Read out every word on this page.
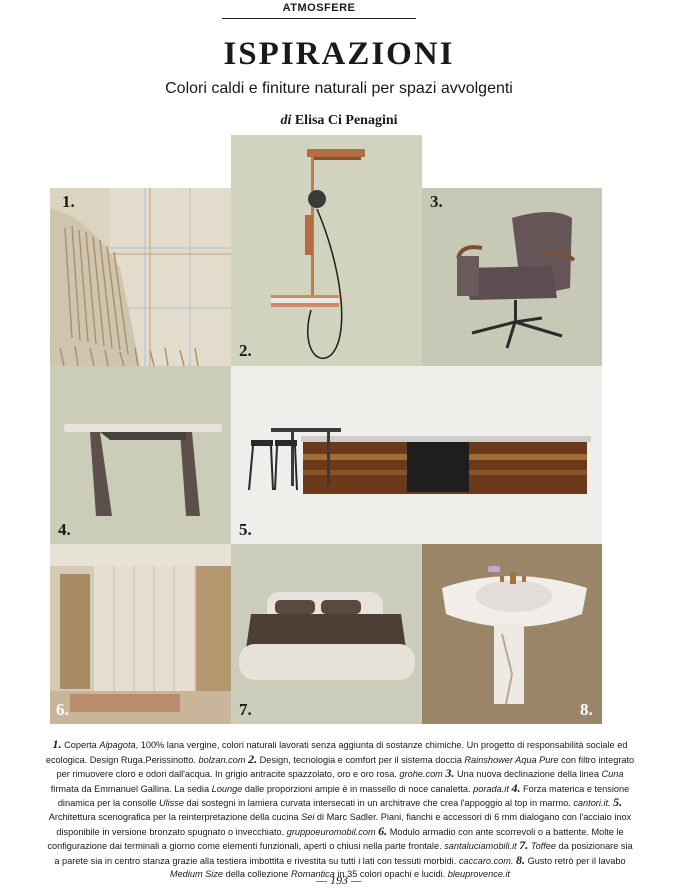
ATMOSFERE
ISPIRAZIONI
Colori caldi e finiture naturali per spazi avvolgenti
di Elisa Ci Penagini
1.
2.
3.
4.	5.
6.	7.	8.
1. Coperta Alpagota, 100% lana vergine, colori naturali lavorati senza aggiunta di sostanze chimiche. Un progetto di responsabilità sociale ed ecologica. Design Ruga.Perissinotto. bolzan.com 2. Design, tecnologia e comfort per il sistema doccia Rainshower Aqua Pure con filtro integrato per rimuovere cloro e odori dall'acqua. In grigio antracite spazzolato, oro e oro rosa. grohe.com 3. Una nuova declinazione della linea Cuna firmata da Emmanuel Gallina. La sedia Lounge dalle proporzioni ampie è in massello di noce canaletta. porada.it 4. Forza materica e tensione dinamica per la consolle Ulisse dai sostegni in lamiera curvata intersecati in un architrave che crea l'appoggio al top in marmo. cantori.it. 5. Architettura scenografica per la reinterpretazione della cucina Sei di Marc Sadler. Piani, fianchi e accessori di 6 mm dialogano con l'acciaio inox disponibile in versione bronzato spugnato o invecchiato. gruppoeuromobil.com 6. Modulo armadio con ante scorrevoli o a battente. Molte le configurazione dai terminali a giorno come elementi funzionali, aperti o chiusi nella parte frontale. santaluciamobili.it 7. Toffee da posizionare sia a parete sia in centro stanza grazie alla testiera imbottita e rivestita su tutti i lati con tessuti morbidi. caccaro.com. 8. Gusto retrò per il lavabo Medium Size della collezione Romantica in 35 colori opachi e lucidi. bleuprovence.it
— 193 —
